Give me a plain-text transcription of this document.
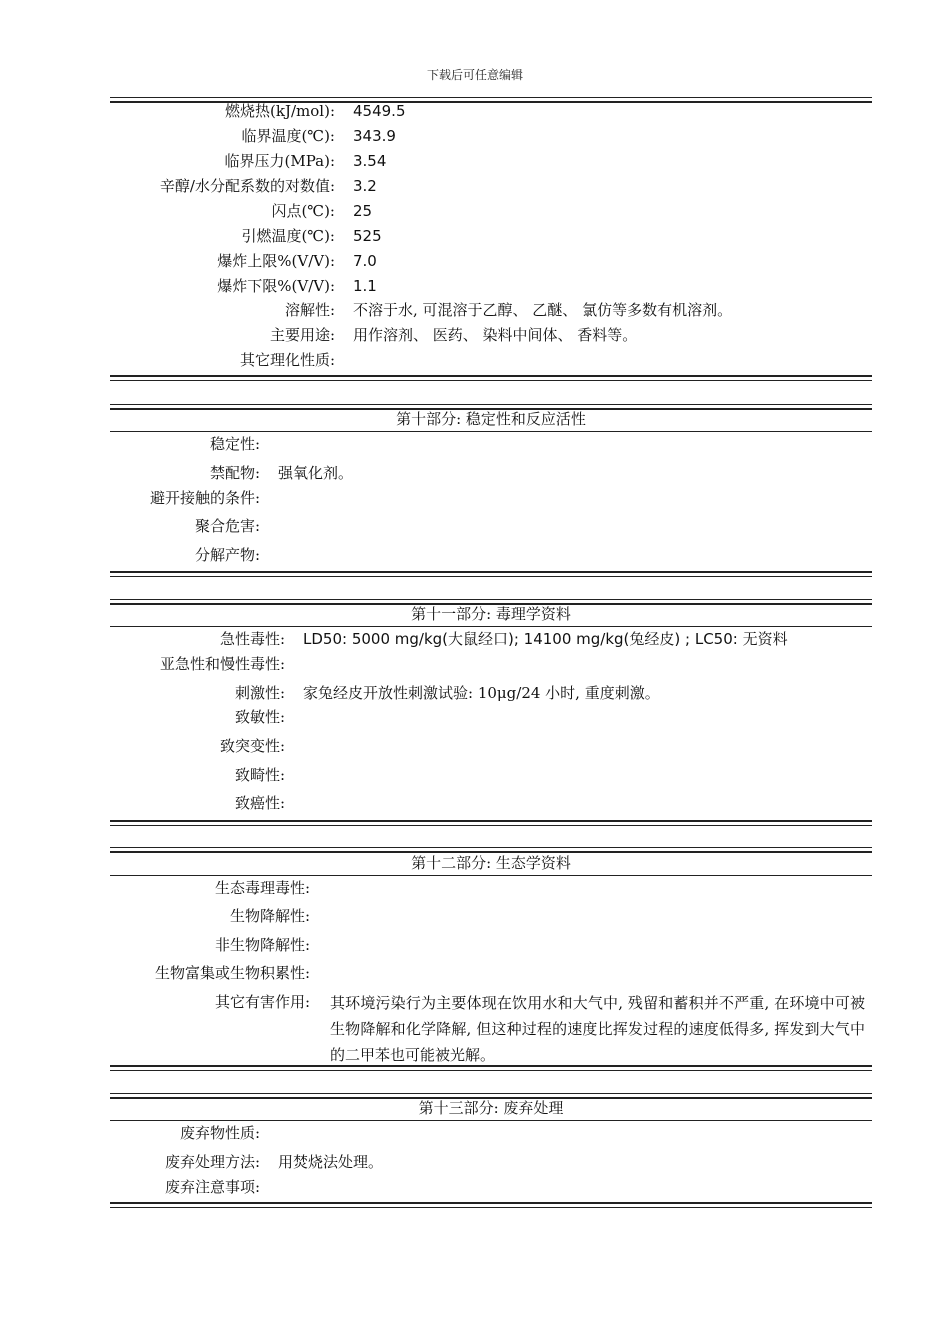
下载后可任意编辑
燃烧热(kJ/mol): 4549.5
临界温度(℃): 343.9
临界压力(MPa): 3.54
辛醇/水分配系数的对数值: 3.2
闪点(℃): 25
引燃温度(℃): 525
爆炸上限%(V/V): 7.0
爆炸下限%(V/V): 1.1
溶解性: 不溶于水, 可混溶于乙醇、 乙醚、 氯仿等多数有机溶剂。
主要用途: 用作溶剂、 医药、 染料中间体、 香料等。
其它理化性质:
第十部分: 稳定性和反应活性
稳定性:
禁配物: 强氧化剂。
避开接触的条件:
聚合危害:
分解产物:
第十一部分: 毒理学资料
急性毒性: LD50: 5000 mg/kg(大鼠经口); 14100 mg/kg(兔经皮) ; LC50: 无资料
亚急性和慢性毒性:
刺激性: 家兔经皮开放性刺激试验: 10μg/24 小时, 重度刺激。
致敏性:
致突变性:
致畸性:
致癌性:
第十二部分: 生态学资料
生态毒理毒性:
生物降解性:
非生物降解性:
生物富集或生物积累性:
其它有害作用: 其环境污染行为主要体现在饮用水和大气中, 残留和蓄积并不严重, 在环境中可被生物降解和化学降解, 但这种过程的速度比挥发过程的速度低得多, 挥发到大气中的二甲苯也可能被光解。
第十三部分: 废弃处理
废弃物性质:
废弃处理方法: 用焚烧法处理。
废弃注意事项:
